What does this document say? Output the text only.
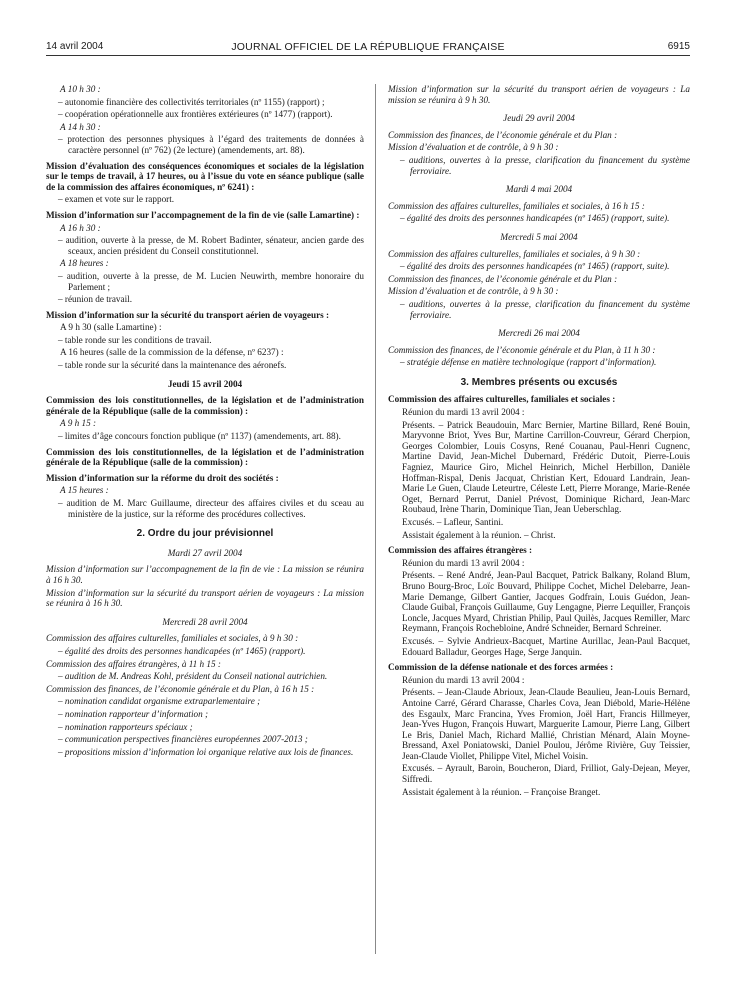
14 avril 2004	JOURNAL OFFICIEL DE LA RÉPUBLIQUE FRANÇAISE	6915

A 10 h 30 :

– autonomie financière des collectivités territoriales (nº 1155) (rapport) ;

– coopération opérationnelle aux frontières extérieures (nº 1477) (rapport).

A 14 h 30 :

– protection des personnes physiques à l’égard des traitements de données à caractère personnel (nº 762) (2e lecture) (amendements, art. 88).

Mission d’évaluation des conséquences économiques et sociales de la législation sur le temps de travail, à 17 heures, ou à l’issue du vote en séance publique (salle de la commission des affaires économiques, nº 6241) :

– examen et vote sur le rapport.

Mission d’information sur l’accompagnement de la fin de vie (salle Lamartine) :

A 16 h 30 :

– audition, ouverte à la presse, de M. Robert Badinter, sénateur, ancien garde des sceaux, ancien président du Conseil constitutionnel.

A 18 heures :

– audition, ouverte à la presse, de M. Lucien Neuwirth, membre honoraire du Parlement ;

– réunion de travail.

Mission d’information sur la sécurité du transport aérien de voyageurs :

A 9 h 30 (salle Lamartine) :

– table ronde sur les conditions de travail.

A 16 heures (salle de la commission de la défense, nº 6237) :

– table ronde sur la sécurité dans la maintenance des aéronefs.

Jeudi 15 avril 2004

Commission des lois constitutionnelles, de la législation et de l’administration générale de la République (salle de la commission) :

A 9 h 15 :

– limites d’âge concours fonction publique (nº 1137) (amendements, art. 88).

Commission des lois constitutionnelles, de la législation et de l’administration générale de la République (salle de la commission) :

Mission d’information sur la réforme du droit des sociétés :

A 15 heures :

– audition de M. Marc Guillaume, directeur des affaires civiles et du sceau au ministère de la justice, sur la réforme des procédures collectives.

2. Ordre du jour prévisionnel

Mardi 27 avril 2004

Mission d’information sur l’accompagnement de la fin de vie : La mission se réunira à 16 h 30.

Mission d’information sur la sécurité du transport aérien de voyageurs : La mission se réunira à 16 h 30.

Mercredi 28 avril 2004

Commission des affaires culturelles, familiales et sociales, à 9 h 30 :

– égalité des droits des personnes handicapées (nº 1465) (rapport).

Commission des affaires étrangères, à 11 h 15 :

– audition de M. Andreas Kohl, président du Conseil national autrichien.

Commission des finances, de l’économie générale et du Plan, à 16 h 15 :

– nomination candidat organisme extraparlementaire ;

– nomination rapporteur d’information ;

– nomination rapporteurs spéciaux ;

– communication perspectives financières européennes 2007-2013 ;

– propositions mission d’information loi organique relative aux lois de finances.

Mission d’information sur la sécurité du transport aérien de voyageurs : La mission se réunira à 9 h 30.

Jeudi 29 avril 2004

Commission des finances, de l’économie générale et du Plan :

Mission d’évaluation et de contrôle, à 9 h 30 :

– auditions, ouvertes à la presse, clarification du financement du système ferroviaire.

Mardi 4 mai 2004

Commission des affaires culturelles, familiales et sociales, à 16 h 15 :

– égalité des droits des personnes handicapées (nº 1465) (rapport, suite).

Mercredi 5 mai 2004

Commission des affaires culturelles, familiales et sociales, à 9 h 30 :

– égalité des droits des personnes handicapées (nº 1465) (rapport, suite).

Commission des finances, de l’économie générale et du Plan :

Mission d’évaluation et de contrôle, à 9 h 30 :

– auditions, ouvertes à la presse, clarification du financement du système ferroviaire.

Mercredi 26 mai 2004

Commission des finances, de l’économie générale et du Plan, à 11 h 30 :

– stratégie défense en matière technologique (rapport d’information).

3. Membres présents ou excusés

Commission des affaires culturelles, familiales et sociales :

Réunion du mardi 13 avril 2004 :

Présents. – Patrick Beaudouin, Marc Bernier, Martine Billard, René Bouin, Maryvonne Briot, Yves Bur, Martine Carrillon-Couvreur, Gérard Cherpion, Georges Colombier, Louis Cosyns, René Couanau, Paul-Henri Cugnenc, Martine David, Jean-Michel Dubernard, Frédéric Dutoit, Pierre-Louis Fagniez, Maurice Giro, Michel Heinrich, Michel Herbillon, Danièle Hoffman-Rispal, Denis Jacquat, Christian Kert, Edouard Landrain, Jean-Marie Le Guen, Claude Leteurtre, Céleste Lett, Pierre Morange, Marie-Renée Oget, Bernard Perrut, Daniel Prévost, Dominique Richard, Jean-Marc Roubaud, Irène Tharin, Dominique Tian, Jean Ueberschlag.

Excusés. – Lafleur, Santini.

Assistait également à la réunion. – Christ.

Commission des affaires étrangères :

Réunion du mardi 13 avril 2004 :

Présents. – René André, Jean-Paul Bacquet, Patrick Balkany, Roland Blum, Bruno Bourg-Broc, Loïc Bouvard, Philippe Cochet, Michel Delebarre, Jean-Marie Demange, Gilbert Gantier, Jacques Godfrain, Louis Guédon, Jean-Claude Guibal, François Guillaume, Guy Lengagne, Pierre Lequiller, François Loncle, Jacques Myard, Christian Philip, Paul Quilès, Jacques Remiller, Marc Reymann, François Rochebloine, André Schneider, Bernard Schreiner.

Excusés. – Sylvie Andrieux-Bacquet, Martine Aurillac, Jean-Paul Bacquet, Edouard Balladur, Georges Hage, Serge Janquin.

Commission de la défense nationale et des forces armées :

Réunion du mardi 13 avril 2004 :

Présents. – Jean-Claude Abrioux, Jean-Claude Beaulieu, Jean-Louis Bernard, Antoine Carré, Gérard Charasse, Charles Cova, Jean Diébold, Marie-Hélène des Esgaulx, Marc Francina, Yves Fromion, Joël Hart, Francis Hillmeyer, Jean-Yves Hugon, François Huwart, Marguerite Lamour, Pierre Lang, Gilbert Le Bris, Daniel Mach, Richard Mallié, Christian Ménard, Alain Moyne-Bressand, Axel Poniatowski, Daniel Poulou, Jérôme Rivière, Guy Teissier, Jean-Claude Viollet, Philippe Vitel, Michel Voisin.

Excusés. – Ayrault, Baroin, Boucheron, Diard, Frilliot, Galy-Dejean, Meyer, Siffredi.

Assistait également à la réunion. – Françoise Branget.
